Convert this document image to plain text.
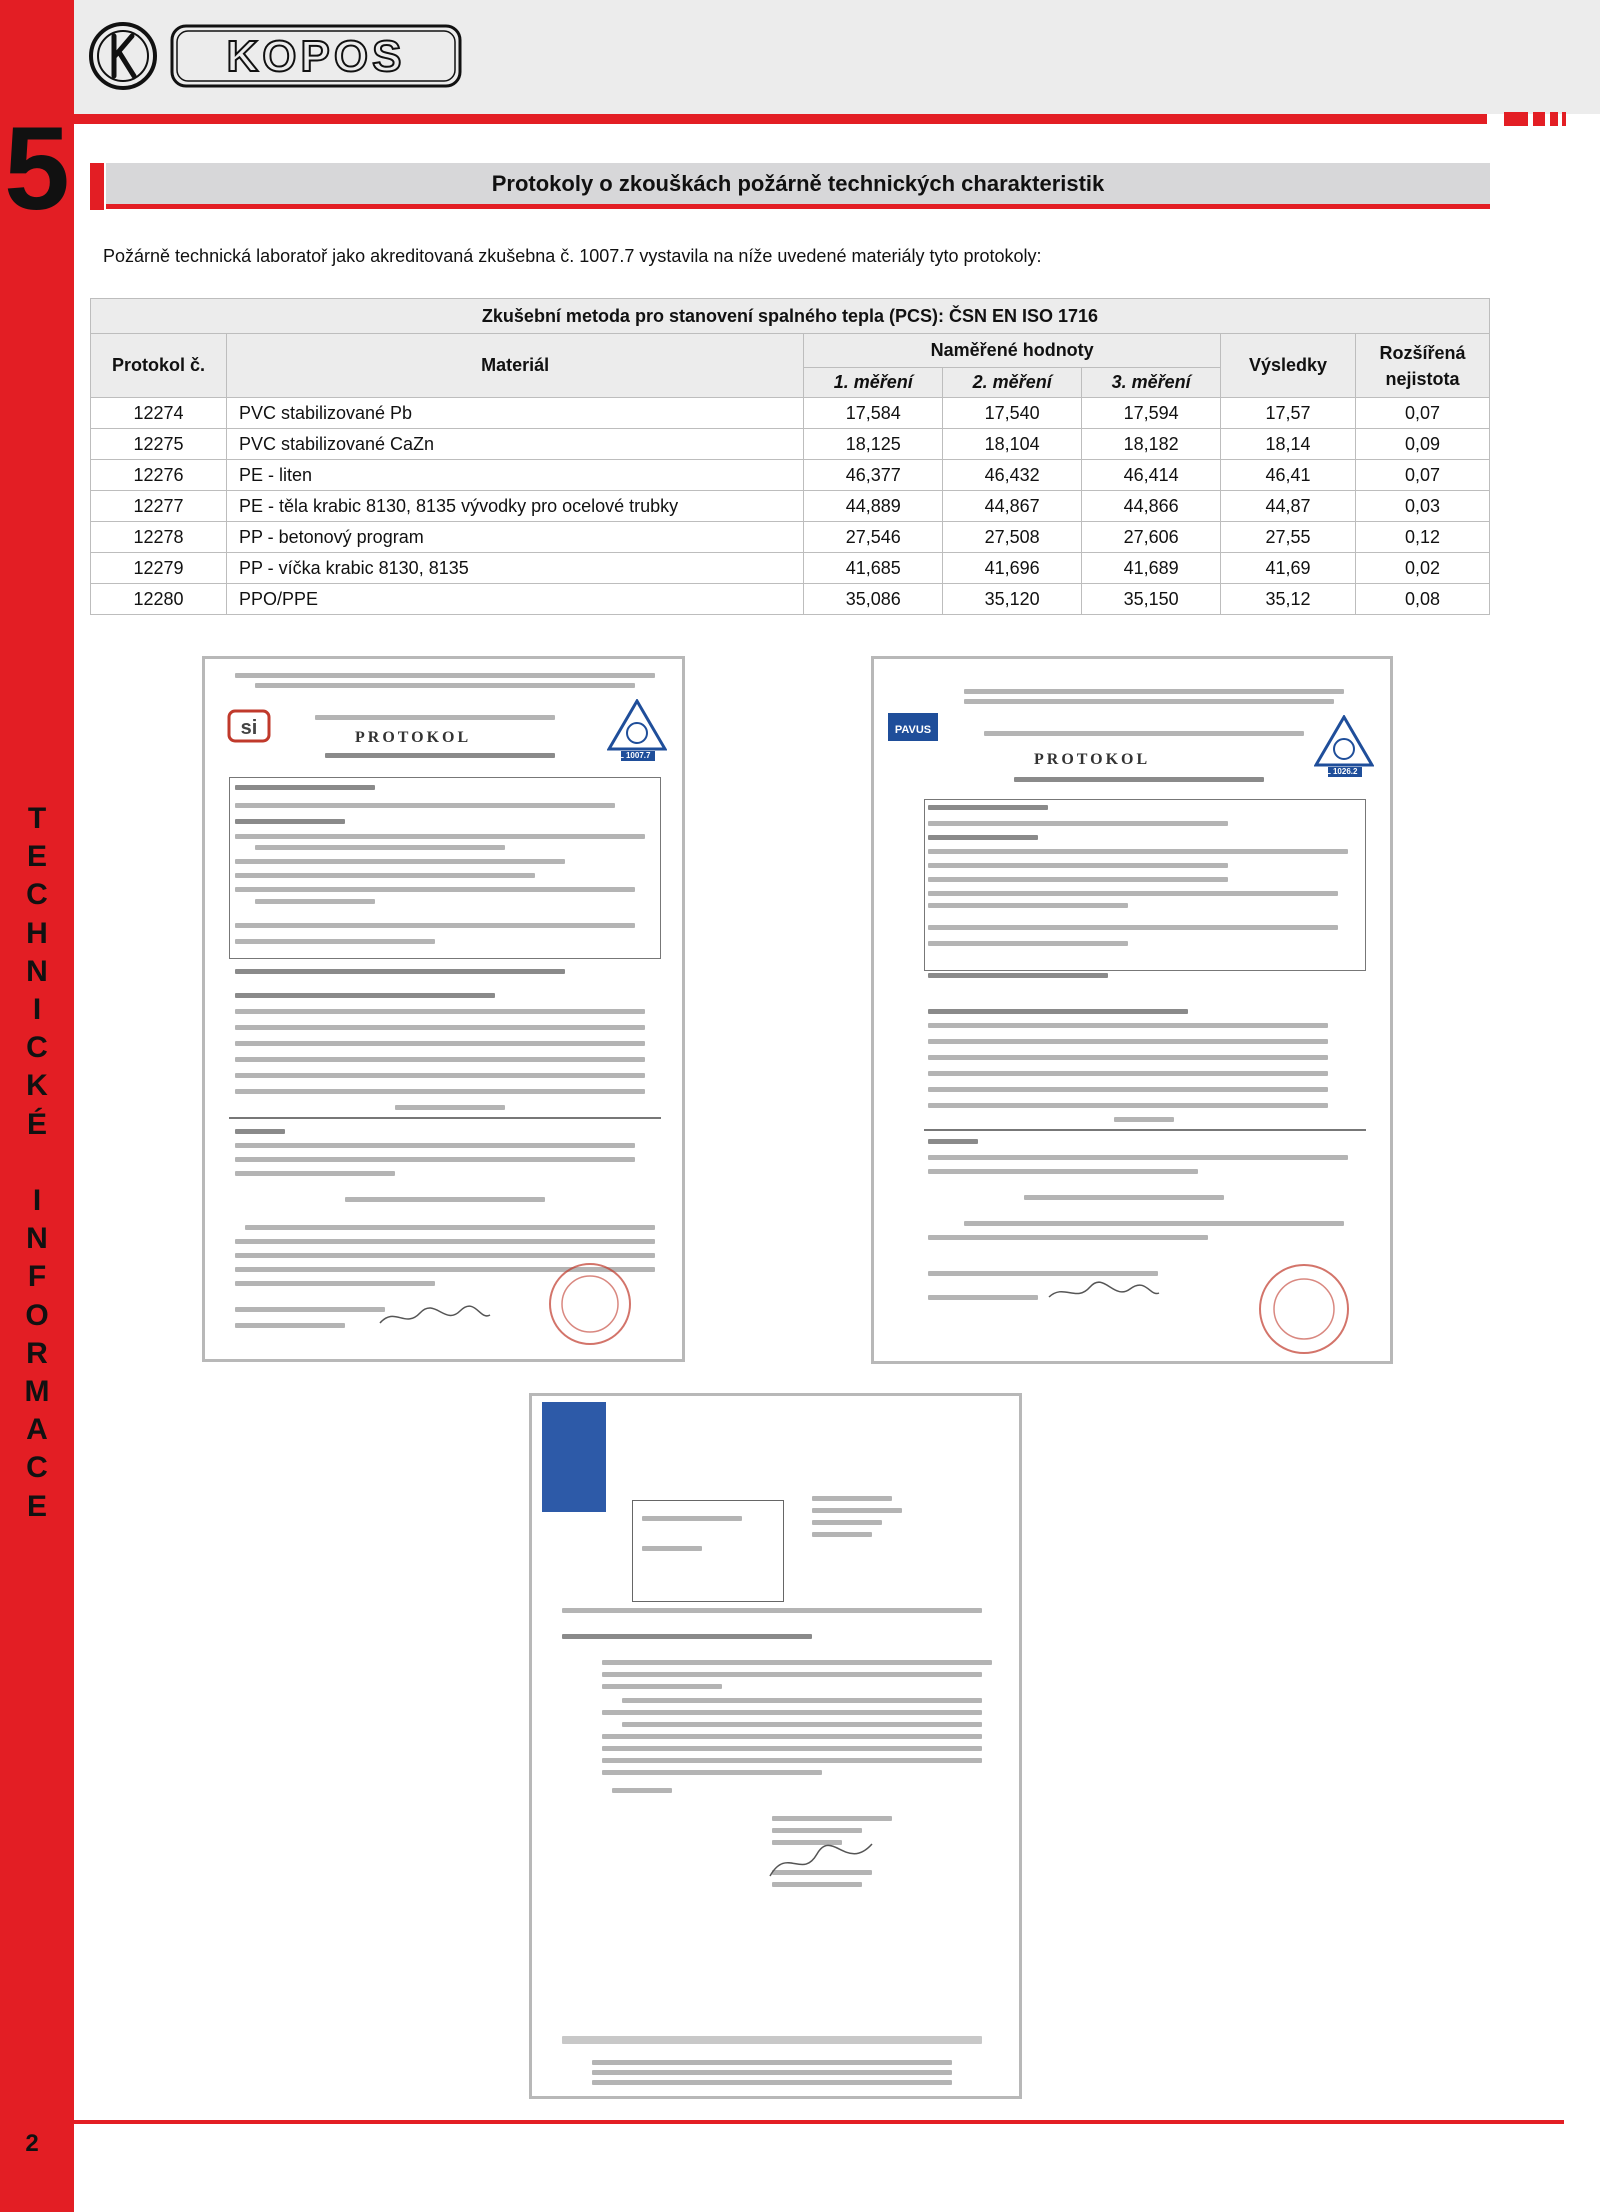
5
T
E
C
H
N
I
C
K
É

I
N
F
O
R
M
A
C
E
2
KOPOS
Protokoly o zkouškách požárně technických charakteristik
Požárně technická laboratoř jako akreditovaná zkušebna č. 1007.7 vystavila na níže uvedené materiály tyto protokoly:
Zkušební metoda pro stanovení spalného tepla (PCS): ČSN EN ISO 1716						
Protokol č.	Materiál	Naměřené hodnoty			Výsledky	Rozšířená nejistota
		1. měření	2. měření	3. měření		
12274	PVC stabilizované Pb	17,584	17,540	17,594	17,57	0,07
12275	PVC stabilizované CaZn	18,125	18,104	18,182	18,14	0,09
12276	PE - liten	46,377	46,432	46,414	46,41	0,07
12277	PE - těla krabic 8130, 8135 vývodky pro ocelové trubky	44,889	44,867	44,866	44,87	0,03
12278	PP - betonový program	27,546	27,508	27,606	27,55	0,12
12279	PP - víčka krabic 8130, 8135	41,685	41,696	41,689	41,69	0,02
12280	PPO/PPE	35,086	35,120	35,150	35,12	0,08
si	PROTOKOL
L 1007.7
PAVUS
PROTOKOL
L 1026.2
